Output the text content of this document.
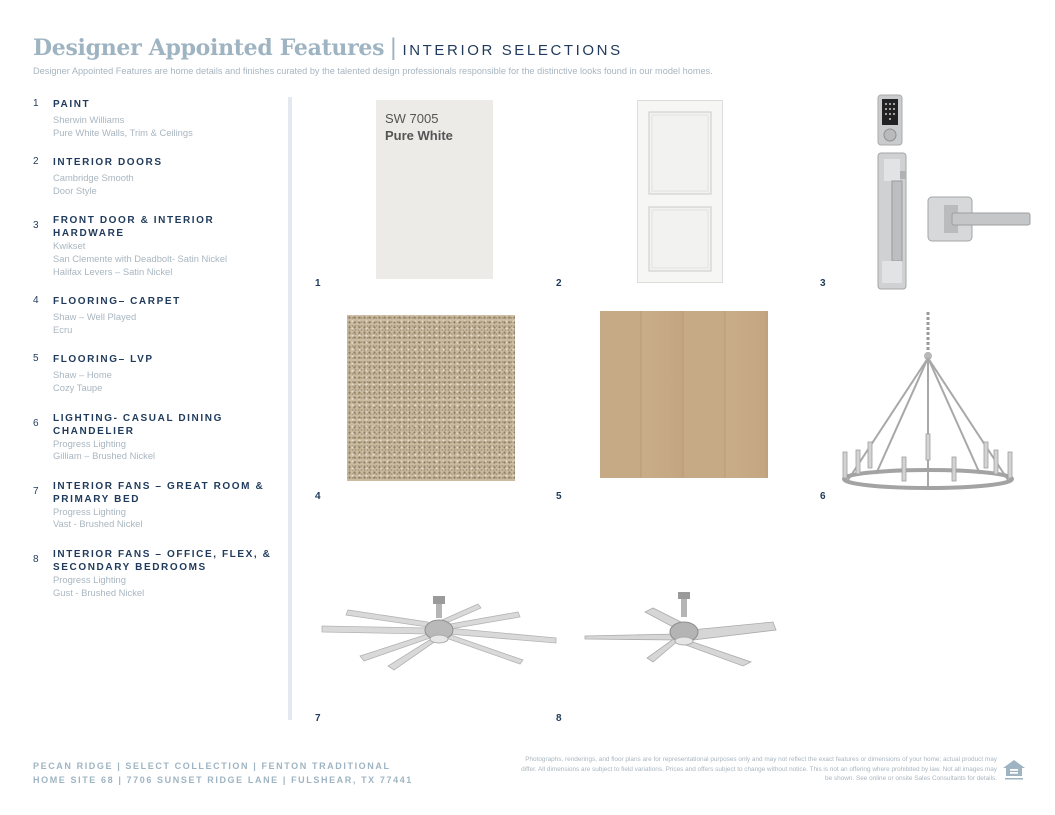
Designer Appointed Features | INTERIOR SELECTIONS
Designer Appointed Features are home details and finishes curated by the talented design professionals responsible for the distinctive looks found in our model homes.
1 PAINT
Sherwin Williams
Pure White Walls, Trim & Ceilings
2 INTERIOR DOORS
Cambridge Smooth
Door Style
3 FRONT DOOR & INTERIOR HARDWARE
Kwikset
San Clemente with Deadbolt- Satin Nickel
Halifax Levers – Satin Nickel
4 FLOORING– CARPET
Shaw – Well Played
Ecru
5 FLOORING– LVP
Shaw – Home
Cozy Taupe
6 LIGHTING- CASUAL DINING CHANDELIER
Progress Lighting
Gilliam – Brushed Nickel
7 INTERIOR FANS – GREAT ROOM & PRIMARY BED
Progress Lighting
Vast - Brushed Nickel
8 INTERIOR FANS – OFFICE, FLEX, & SECONDARY BEDROOMS
Progress Lighting
Gust - Brushed Nickel
SW 7005
Pure White
1	2	3
4	5	6
7	8
PECAN RIDGE | SELECT COLLECTION | FENTON TRADITIONAL
HOME SITE 68 | 7706 SUNSET RIDGE LANE | FULSHEAR, TX 77441
Photographs, renderings, and floor plans are for representational purposes only and may not reflect the exact features or dimensions of your home; actual product may differ. All dimensions are subject to field variations. Prices and offers subject to change without notice. This is not an offering where prohibited by law. Not all images may be shown. See online or onsite Sales Consultants for details.
